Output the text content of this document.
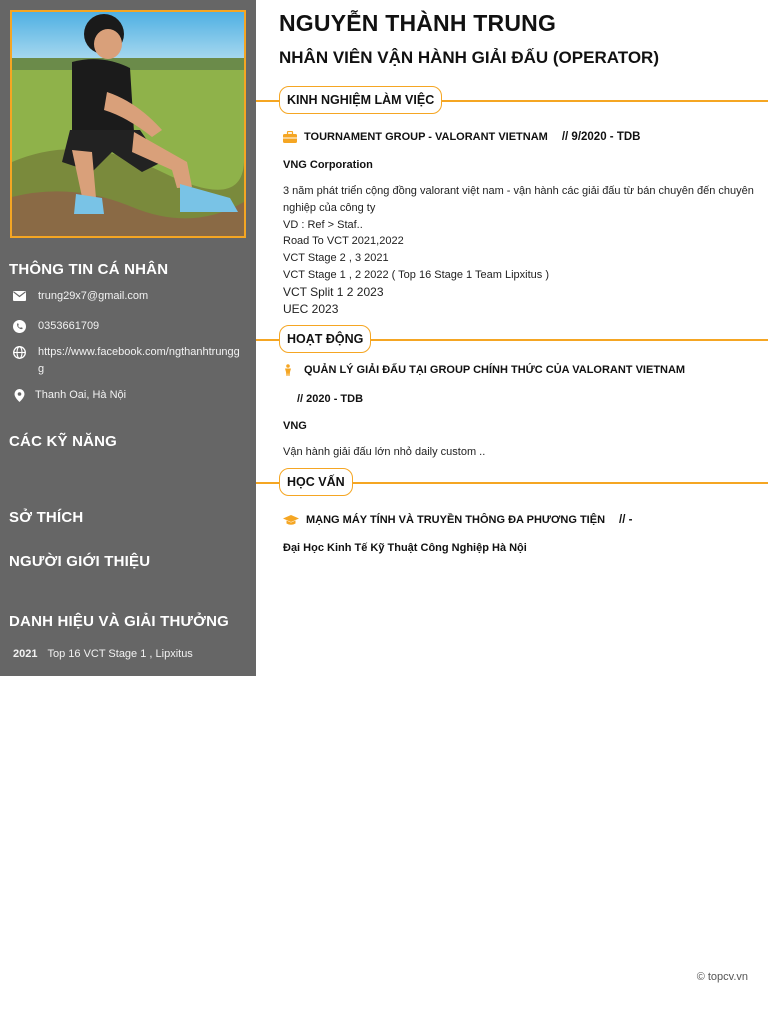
THÔNG TIN CÁ NHÂN
trung29x7@gmail.com
0353661709
https://www.facebook.com/ngthanhtrunggg
Thanh Oai, Hà Nội
CÁC KỸ NĂNG
SỞ THÍCH
NGƯỜI GIỚI THIỆU
DANH HIỆU VÀ GIẢI THƯỞNG
2021 Top 16 VCT Stage 1 , Lipxitus
NGUYỄN THÀNH TRUNG
NHÂN VIÊN VẬN HÀNH GIẢI ĐẤU (OPERATOR)
KINH NGHIỆM LÀM VIỆC
TOURNAMENT GROUP - VALORANT VIETNAM // 9/2020 - TDB
VNG Corporation
3 năm phát triển cộng đồng valorant việt nam - vận hành các giải đấu từ bán chuyên đến chuyên nghiệp của công ty
VD : Ref > Staf..
Road To VCT 2021,2022
VCT Stage 2 , 3 2021
VCT Stage 1 , 2 2022 ( Top 16 Stage 1 Team Lipxitus )
VCT Split 1 2 2023
UEC 2023
HOẠT ĐỘNG
QUẢN LÝ GIẢI ĐẤU TẠI GROUP CHÍNH THỨC CỦA VALORANT VIETNAM
// 2020 - TDB
VNG
Vận hành giải đấu lớn nhỏ daily custom ..
HỌC VẤN
MẠNG MÁY TÍNH VÀ TRUYỀN THÔNG ĐA PHƯƠNG TIỆN // -
Đại Học Kinh Tế Kỹ Thuật Công Nghiệp Hà Nội
© topcv.vn
